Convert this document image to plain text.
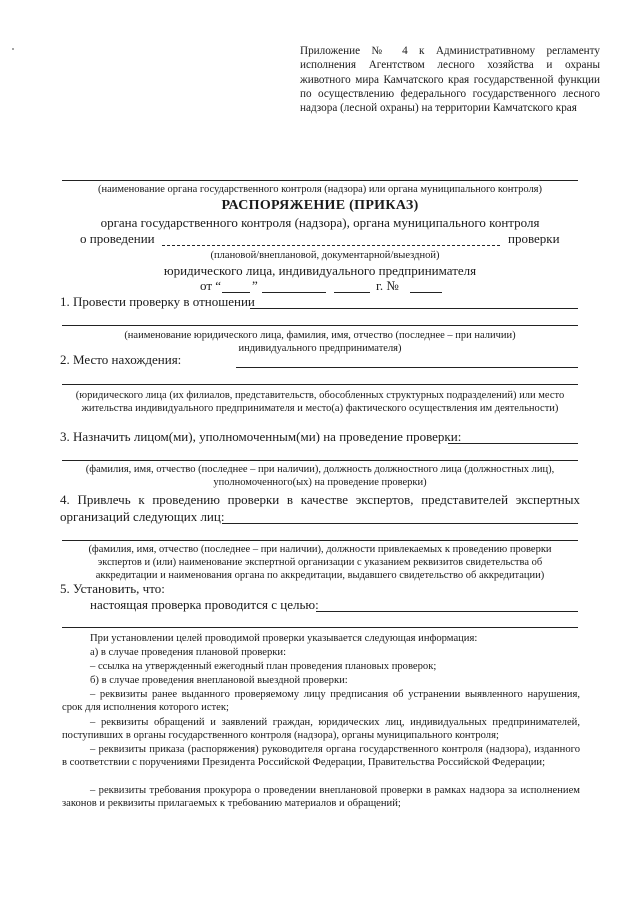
Приложение № 4 к Административному регламенту исполнения Агентством лесного хозяйства и охраны животного мира Камчатского края государственной функции по осуществлению федерального государственного лесного надзора (лесной охраны) на территории Камчатского края
(наименование органа государственного контроля (надзора) или органа муниципального контроля)
РАСПОРЯЖЕНИЕ (ПРИКАЗ)
органа государственного контроля (надзора), органа муниципального контроля
о проведении	проверки
(плановой/внеплановой, документарной/выездной)
юридического лица, индивидуального предпринимателя
от “ ”	г. №
1. Провести проверку в отношении
(наименование юридического лица, фамилия, имя, отчество (последнее – при наличии) индивидуального предпринимателя)
2. Место нахождения:
(юридического лица (их филиалов, представительств, обособленных структурных подразделений) или место жительства индивидуального предпринимателя и место(а) фактического осуществления им деятельности)
3. Назначить лицом(ми), уполномоченным(ми) на проведение проверки:
(фамилия, имя, отчество (последнее – при наличии), должность должностного лица (должностных лиц), уполномоченного(ых) на проведение проверки)
4. Привлечь к проведению проверки в качестве экспертов, представителей экспертных организаций следующих лиц:
(фамилия, имя, отчество (последнее – при наличии), должности привлекаемых к проведению проверки экспертов и (или) наименование экспертной организации с указанием реквизитов свидетельства об аккредитации и наименования органа по аккредитации, выдавшего свидетельство об аккредитации)
5. Установить, что:
настоящая проверка проводится с целью:
При установлении целей проводимой проверки указывается следующая информация:
а) в случае проведения плановой проверки:
– ссылка на утвержденный ежегодный план проведения плановых проверок;
б) в случае проведения внеплановой выездной проверки:
– реквизиты ранее выданного проверяемому лицу предписания об устранении выявленного нарушения, срок для исполнения которого истек;
– реквизиты обращений и заявлений граждан, юридических лиц, индивидуальных предпринимателей, поступивших в органы государственного контроля (надзора), органы муниципального контроля;
– реквизиты приказа (распоряжения) руководителя органа государственного контроля (надзора), изданного в соответствии с поручениями Президента Российской Федерации, Правительства Российской Федерации;
– реквизиты требования прокурора о проведении внеплановой проверки в рамках надзора за исполнением законов и реквизиты прилагаемых к требованию материалов и обращений;
